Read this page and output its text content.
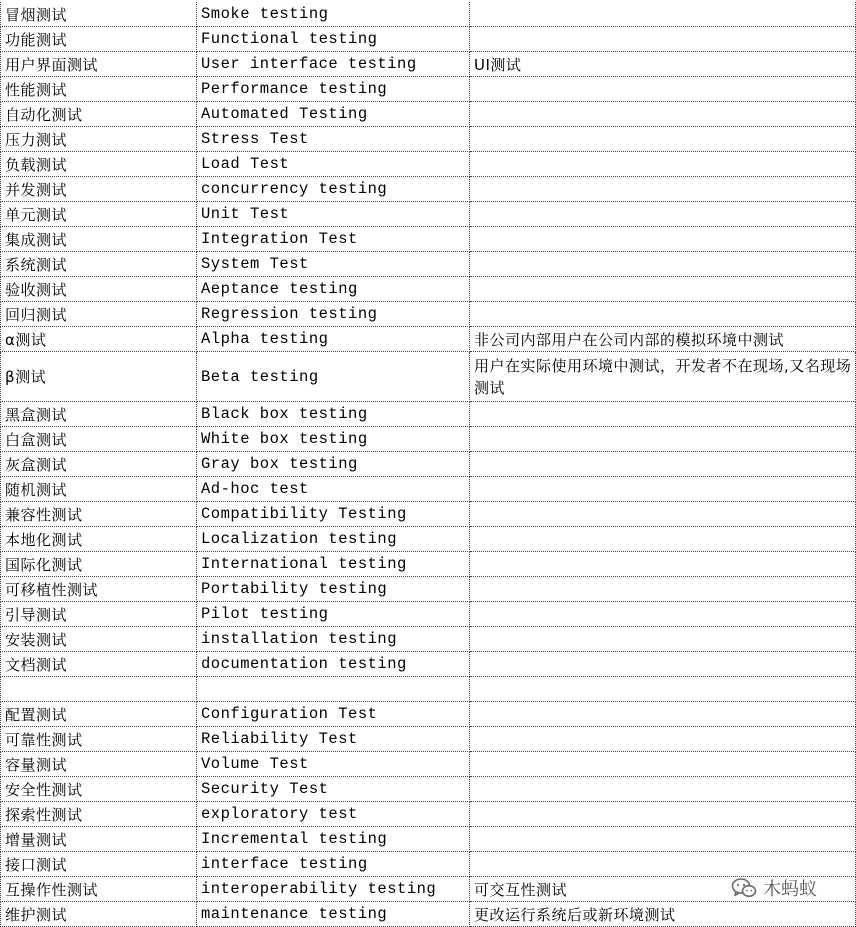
冒烟测试	Smoke testing	
功能测试	Functional testing	
用户界面测试	User interface testing	UI测试
性能测试	Performance testing	
自动化测试	Automated Testing	
压力测试	Stress Test	
负载测试	Load Test	
并发测试	concurrency testing	
单元测试	Unit Test	
集成测试	Integration Test	
系统测试	System Test	
验收测试	Aeptance testing	
回归测试	Regression testing	
α测试	Alpha testing	非公司内部用户在公司内部的模拟环境中测试
β测试	Beta testing	用户在实际使用环境中测试，开发者不在现场,又名现场测试
黑盒测试	Black box testing	
白盒测试	White box testing	
灰盒测试	Gray box testing	
随机测试	Ad-hoc test	
兼容性测试	Compatibility Testing	
本地化测试	Localization testing	
国际化测试	International testing	
可移植性测试	Portability testing	
引导测试	Pilot testing	
安装测试	installation testing	
文档测试	documentation testing	

配置测试	Configuration Test	
可靠性测试	Reliability Test	
容量测试	Volume Test	
安全性测试	Security Test	
探索性测试	exploratory test	
增量测试	Incremental testing	
接口测试	interface testing	
互操作性测试	interoperability testing	可交互性测试
维护测试	maintenance testing	更改运行系统后或新环境测试
木蚂蚁
